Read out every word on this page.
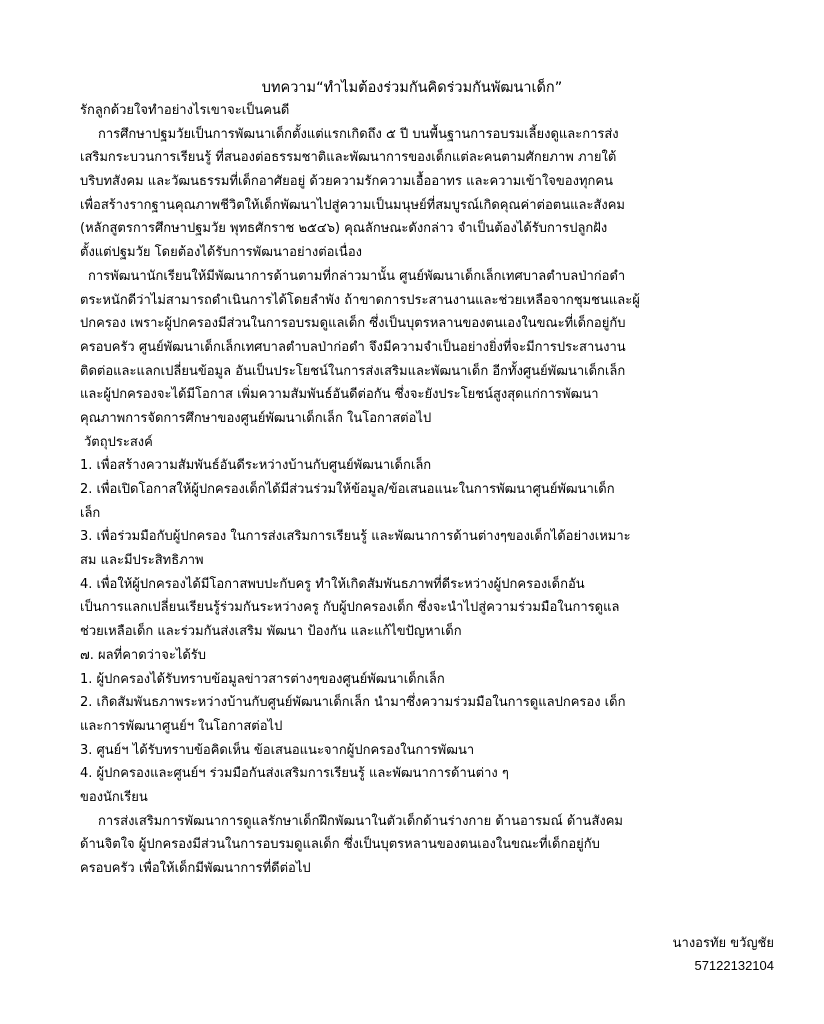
บทความ“ทำไมต้องร่วมกันคิดร่วมกันพัฒนาเด็ก”
รักลูกด้วยใจทำอย่างไรเขาจะเป็นคนดี
การศึกษาปฐมวัยเป็นการพัฒนาเด็กตั้งแต่แรกเกิดถึง ๕ ปี บนพื้นฐานการอบรมเลี้ยงดูและการส่ง
เสริมกระบวนการเรียนรู้ ที่สนองต่อธรรมชาติและพัฒนาการของเด็กแต่ละคนตามศักยภาพ ภายใต้
บริบทสังคม และวัฒนธรรมที่เด็กอาศัยอยู่ ด้วยความรักความเอื้ออาทร และความเข้าใจของทุกคน
เพื่อสร้างรากฐานคุณภาพชีวิตให้เด็กพัฒนาไปสู่ความเป็นมนุษย์ที่สมบูรณ์เกิดคุณค่าต่อตนและสังคม
(หลักสูตรการศึกษาปฐมวัย พุทธศักราช ๒๕๔๖) คุณลักษณะดังกล่าว จำเป็นต้องได้รับการปลูกฝัง
ตั้งแต่ปฐมวัย โดยต้องได้รับการพัฒนาอย่างต่อเนื่อง
การพัฒนานักเรียนให้มีพัฒนาการด้านตามที่กล่าวมานั้น ศูนย์พัฒนาเด็กเล็กเทศบาลตำบลป่าก่อดำ
ตระหนักดีว่าไม่สามารถดำเนินการได้โดยลำพัง ถ้าขาดการประสานงานและช่วยเหลือจากชุมชนและผู้
ปกครอง เพราะผู้ปกครองมีส่วนในการอบรมดูแลเด็ก ซึ่งเป็นบุตรหลานของตนเองในขณะที่เด็กอยู่กับ
ครอบครัว ศูนย์พัฒนาเด็กเล็กเทศบาลตำบลป่าก่อดำ จึงมีความจำเป็นอย่างยิ่งที่จะมีการประสานงาน
ติดต่อและแลกเปลี่ยนข้อมูล อันเป็นประโยชน์ในการส่งเสริมและพัฒนาเด็ก อีกทั้งศูนย์พัฒนาเด็กเล็ก
และผู้ปกครองจะได้มีโอกาส เพิ่มความสัมพันธ์อันดีต่อกัน ซึ่งจะยังประโยชน์สูงสุดแก่การพัฒนา
คุณภาพการจัดการศึกษาของศูนย์พัฒนาเด็กเล็ก ในโอกาสต่อไป
วัตถุประสงค์
1. เพื่อสร้างความสัมพันธ์อันดีระหว่างบ้านกับศูนย์พัฒนาเด็กเล็ก
2. เพื่อเปิดโอกาสให้ผู้ปกครองเด็กได้มีส่วนร่วมให้ข้อมูล/ข้อเสนอแนะในการพัฒนาศูนย์พัฒนาเด็ก
เล็ก
3. เพื่อร่วมมือกับผู้ปกครอง ในการส่งเสริมการเรียนรู้ และพัฒนาการด้านต่างๆของเด็กได้อย่างเหมาะ
สม และมีประสิทธิภาพ
4. เพื่อให้ผู้ปกครองได้มีโอกาสพบปะกับครู ทำให้เกิดสัมพันธภาพที่ดีระหว่างผู้ปกครองเด็กอัน
เป็นการแลกเปลี่ยนเรียนรู้ร่วมกันระหว่างครู กับผู้ปกครองเด็ก ซึ่งจะนำไปสู่ความร่วมมือในการดูแล
ช่วยเหลือเด็ก และร่วมกันส่งเสริม พัฒนา ป้องกัน และแก้ไขปัญหาเด็ก
๗. ผลที่คาดว่าจะได้รับ
1. ผู้ปกครองได้รับทราบข้อมูลข่าวสารต่างๆของศูนย์พัฒนาเด็กเล็ก
2. เกิดสัมพันธภาพระหว่างบ้านกับศูนย์พัฒนาเด็กเล็ก นำมาซึ่งความร่วมมือในการดูแลปกครอง เด็ก
และการพัฒนาศูนย์ฯ ในโอกาสต่อไป
3. ศูนย์ฯ ได้รับทราบข้อคิดเห็น ข้อเสนอแนะจากผู้ปกครองในการพัฒนา
4. ผู้ปกครองและศูนย์ฯ ร่วมมือกันส่งเสริมการเรียนรู้ และพัฒนาการด้านต่าง ๆ
ของนักเรียน
การส่งเสริมการพัฒนาการดูแลรักษาเด็กฝึกพัฒนาในตัวเด็กด้านร่างกาย ด้านอารมณ์ ด้านสังคม
ด้านจิตใจ ผู้ปกครองมีส่วนในการอบรมดูแลเด็ก ซึ่งเป็นบุตรหลานของตนเองในขณะที่เด็กอยู่กับ
ครอบครัว เพื่อให้เด็กมีพัฒนาการที่ดีต่อไป
นางอรทัย ขวัญชัย
57122132104
